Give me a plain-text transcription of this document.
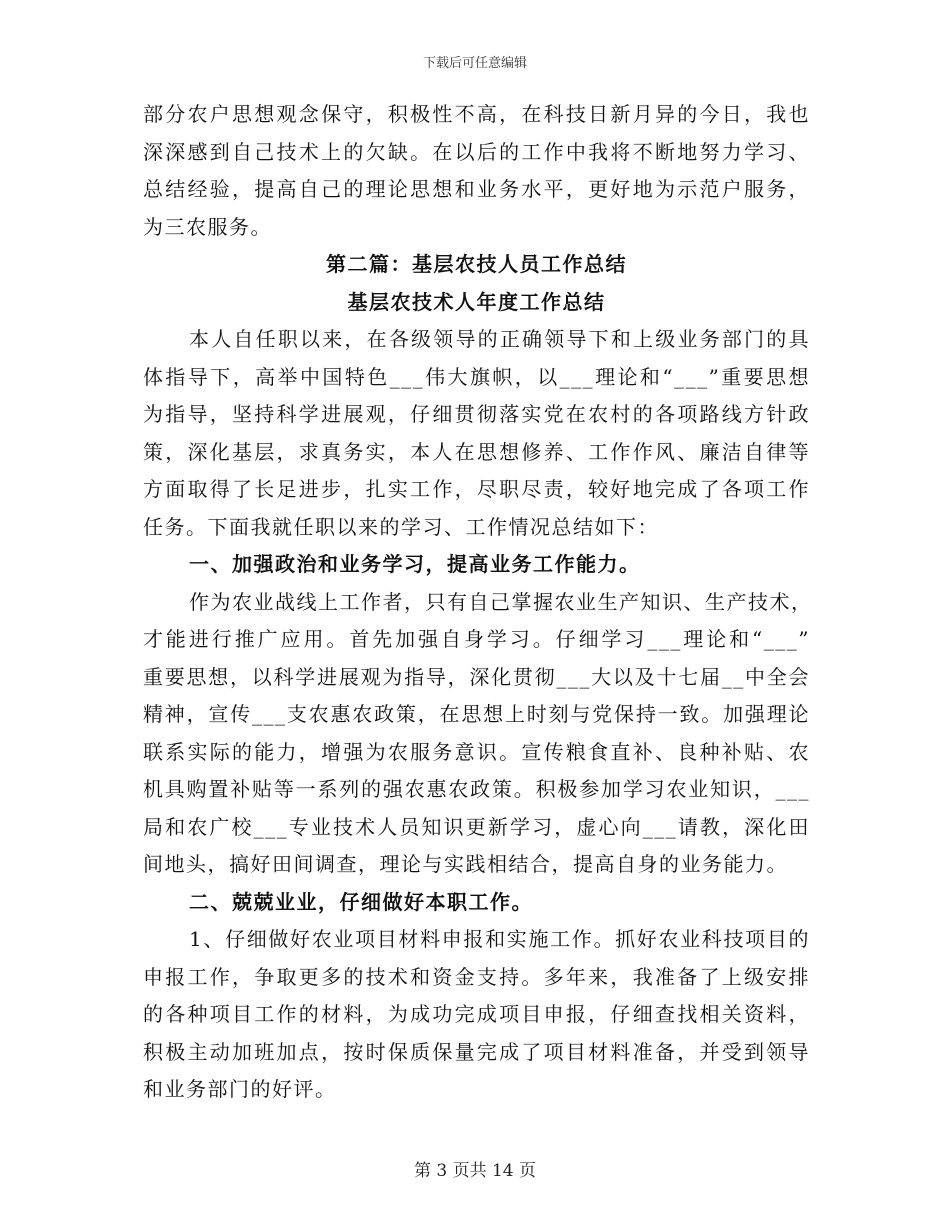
下载后可任意编辑
部分农户思想观念保守，积极性不高，在科技日新月异的今日，我也
深深感到自己技术上的欠缺。在以后的工作中我将不断地努力学习、
总结经验，提高自己的理论思想和业务水平，更好地为示范户服务，
为三农服务。
第二篇：基层农技人员工作总结
基层农技术人年度工作总结
本人自任职以来，在各级领导的正确领导下和上级业务部门的具
体指导下，高举中国特色___伟大旗帜，以___理论和“___”重要思想
为指导，坚持科学进展观，仔细贯彻落实党在农村的各项路线方针政
策，深化基层，求真务实，本人在思想修养、工作作风、廉洁自律等
方面取得了长足进步，扎实工作，尽职尽责，较好地完成了各项工作
任务。下面我就任职以来的学习、工作情况总结如下：
一、加强政治和业务学习，提高业务工作能力。
作为农业战线上工作者，只有自己掌握农业生产知识、生产技术，
才能进行推广应用。首先加强自身学习。仔细学习___理论和“___”
重要思想，以科学进展观为指导，深化贯彻___大以及十七届__中全会
精神，宣传___支农惠农政策，在思想上时刻与党保持一致。加强理论
联系实际的能力，增强为农服务意识。宣传粮食直补、良种补贴、农
机具购置补贴等一系列的强农惠农政策。积极参加学习农业知识，___
局和农广校___专业技术人员知识更新学习，虚心向___请教，深化田
间地头，搞好田间调查，理论与实践相结合，提高自身的业务能力。
二、兢兢业业，仔细做好本职工作。
1、仔细做好农业项目材料申报和实施工作。抓好农业科技项目的
申报工作，争取更多的技术和资金支持。多年来，我准备了上级安排
的各种项目工作的材料，为成功完成项目申报，仔细查找相关资料，
积极主动加班加点，按时保质保量完成了项目材料准备，并受到领导
和业务部门的好评。
第 3 页共 14 页
